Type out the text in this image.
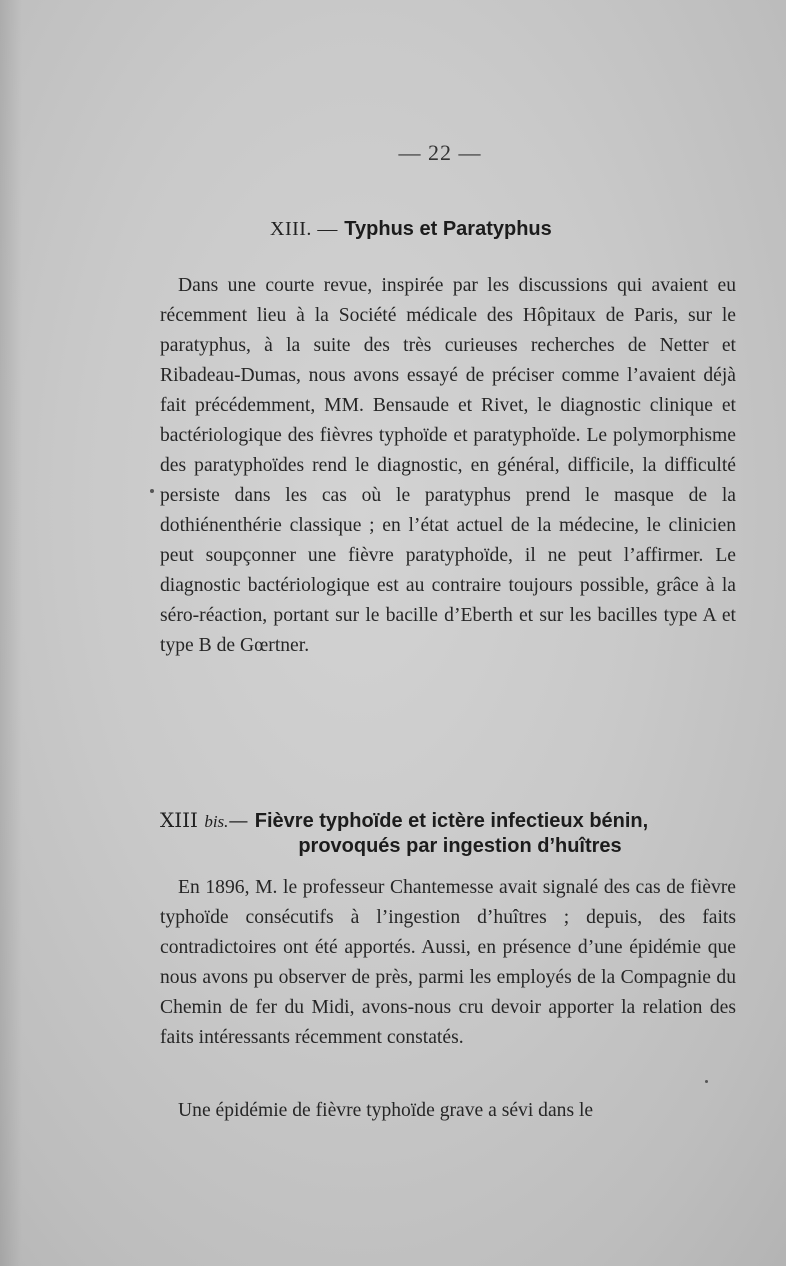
— 22 —
XIII. — Typhus et Paratyphus

Dans une courte revue, inspirée par les discussions qui avaient eu récemment lieu à la Société médicale des Hôpitaux de Paris, sur le paratyphus, à la suite des très curieuses recherches de Netter et Ribadeau-Dumas, nous avons essayé de préciser comme l’avaient déjà fait précédemment, MM. Bensaude et Rivet, le diagnostic clinique et bactériologique des fièvres typhoïde et paratyphoïde. Le polymorphisme des paratyphoïdes rend le diagnostic, en général, difficile, la difficulté persiste dans les cas où le paratyphus prend le masque de la dothiénenthérie classique ; en l’état actuel de la médecine, le clinicien peut soupçonner une fièvre paratyphoïde, il ne peut l’affirmer. Le diagnostic bactériologique est au contraire toujours possible, grâce à la séro-réaction, portant sur le bacille d’Eberth et sur les bacilles type A et type B de Gœrtner.

XIII bis.— Fièvre typhoïde et ictère infectieux bénin,
provoqués par ingestion d’huîtres

En 1896, M. le professeur Chantemesse avait signalé des cas de fièvre typhoïde consécutifs à l’ingestion d’huîtres ; depuis, des faits contradictoires ont été apportés. Aussi, en présence d’une épidémie que nous avons pu observer de près, parmi les employés de la Compagnie du Chemin de fer du Midi, avons-nous cru devoir apporter la relation des faits intéressants récemment constatés.

Une épidémie de fièvre typhoïde grave a sévi dans le
